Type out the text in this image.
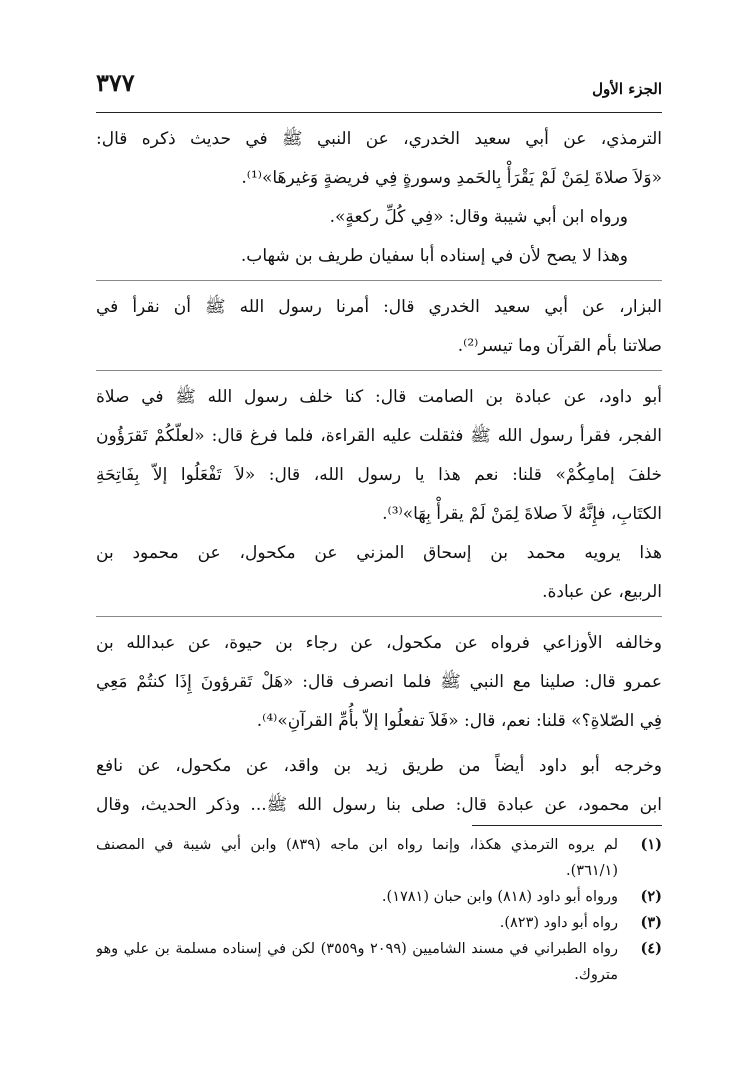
الجزء الأول
٣٧٧
الترمذي، عن أبي سعيد الخدري، عن النبي ﷺ في حديث ذكره قال:
«وَلاَ صلاةَ لِمَنْ لَمْ يَقْرَأْ بِالحَمدِ وسورةٍ فِي فريضةٍ وَغيرهَا»⁽¹⁾.
ورواه ابن أبي شيبة وقال: «فِي كُلِّ ركعةٍ».
وهذا لا يصح لأن في إسناده أبا سفيان طريف بن شهاب.
البزار، عن أبي سعيد الخدري قال: أمرنا رسول الله ﷺ أن نقرأ في
صلاتنا بأم القرآن وما تيسر⁽²⁾.
أبو داود، عن عبادة بن الصامت قال: كنا خلف رسول الله ﷺ في صلاة
الفجر، فقرأ رسول الله ﷺ فثقلت عليه القراءة، فلما فرغ قال: «لعلّكُمْ تَقرَؤُون
خلفَ إمامِكُمْ» قلنا: نعم هذا يا رسول الله، قال: «لاَ تَفْعَلُوا إلاّ بِفَاتِحَةِ
الكتَابِ، فإِنَّهُ لاَ صلاةَ لِمَنْ لَمْ يقرأْ بِهَا»⁽³⁾.
هذا يرويه محمد بن إسحاق المزني عن مكحول، عن محمود بن
الربيع، عن عبادة.
وخالفه الأوزاعي فرواه عن مكحول، عن رجاء بن حيوة، عن عبدالله بن
عمرو قال: صلينا مع النبي ﷺ فلما انصرف قال: «هَلْ تَقرؤونَ إِذَا كنتُمْ مَعِي
فِي الصّلاةِ؟» قلنا: نعم، قال: «فَلاَ تفعلُوا إلاّ بأُمِّ القرآنِ»⁽⁴⁾.
وخرجه أبو داود أيضاً من طريق زيد بن واقد، عن مكحول، عن نافع
ابن محمود، عن عبادة قال: صلى بنا رسول الله ﷺ... وذكر الحديث، وقال
(١)
لم يروه الترمذي هكذا، وإنما رواه ابن ماجه (٨٣٩) وابن أبي شيبة في المصنف
(٣٦١/١).
(٢)
ورواه أبو داود (٨١٨) وابن حبان (١٧٨١).
(٣)
رواه أبو داود (٨٢٣).
(٤)
رواه الطبراني في مسند الشاميين (٢٠٩٩ و٣٥٥٩) لكن في إسناده مسلمة بن علي وهو
متروك.
